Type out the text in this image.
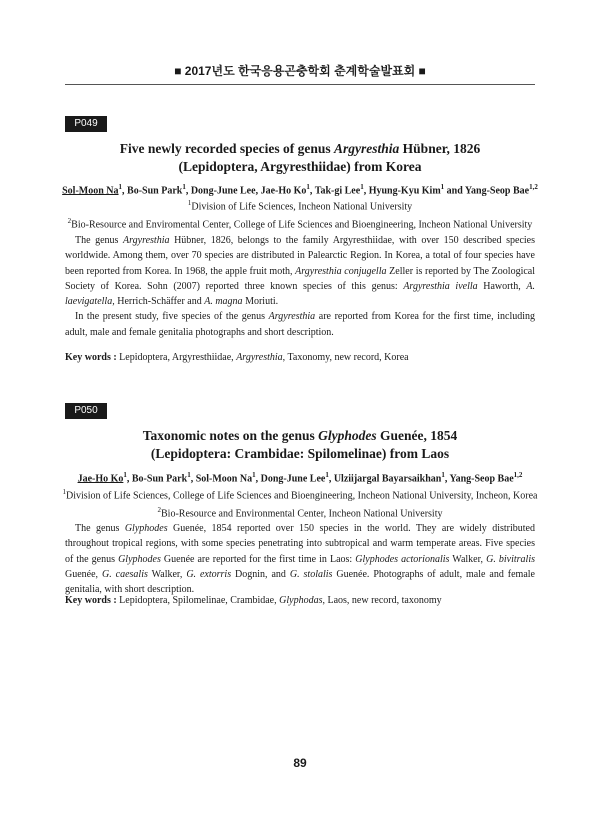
■ 2017년도 한국응용곤충학회 춘계학술발표회 ■
P049
Five newly recorded species of genus Argyresthia Hübner, 1826
(Lepidoptera, Argyresthiidae) from Korea
Sol-Moon Na$^1$, Bo-Sun Park$^1$, Dong-June Lee, Jae-Ho Ko$^1$, Tak-gi Lee$^1$, Hyung-Kyu Kim$^1$ and Yang-Seop Bae$^{1,2}$
$^1$Division of Life Sciences, Incheon National University
$^2$Bio-Resource and Enviromental Center, College of Life Sciences and Bioengineering, Incheon National University

The genus Argyresthia Hübner, 1826, belongs to the family Argyresthiidae, with over 150 described species worldwide. Among them, over 70 species are distributed in Palearctic Region. In Korea, a total of four species have been reported from Korea. In 1968, the apple fruit moth, Argyresthia conjugella Zeller is reported by The Zoological Society of Korea. Sohn (2007) reported three known species of this genus: Argyresthia ivella Haworth, A. laevigatella, Herrich-Schäffer and A. magna Moriuti.

In the present study, five species of the genus Argyresthia are reported from Korea for the first time, including adult, male and female genitalia photographs and short description.

Key words : Lepidoptera, Argyresthiidae, Argyresthia, Taxonomy, new record, Korea
P050
Taxonomic notes on the genus Glyphodes Guenée, 1854
(Lepidoptera: Crambidae: Spilomelinae) from Laos
Jae-Ho Ko$^1$, Bo-Sun Park$^1$, Sol-Moon Na$^1$, Dong-June Lee$^1$, Ulziijargal Bayarsaikhan$^1$, Yang-Seop Bae$^{1,2}$
$^1$Division of Life Sciences, College of Life Sciences and Bioengineering, Incheon National University, Incheon, Korea
$^2$Bio-Resource and Environmental Center, Incheon National University

The genus Glyphodes Guenée, 1854 reported over 150 species in the world. They are widely distributed throughout tropical regions, with some species penetrating into subtropical and warm temperate areas. Five species of the genus Glyphodes Guenée are reported for the first time in Laos: Glyphodes actorionalis Walker, G. bivitralis Guenée, G. caesalis Walker, G. extorris Dognin, and G. stolalis Guenée. Photographs of adult, male and female genitalia, with short description.

Key words : Lepidoptera, Spilomelinae, Crambidae, Glyphodas, Laos, new record, taxonomy
89
